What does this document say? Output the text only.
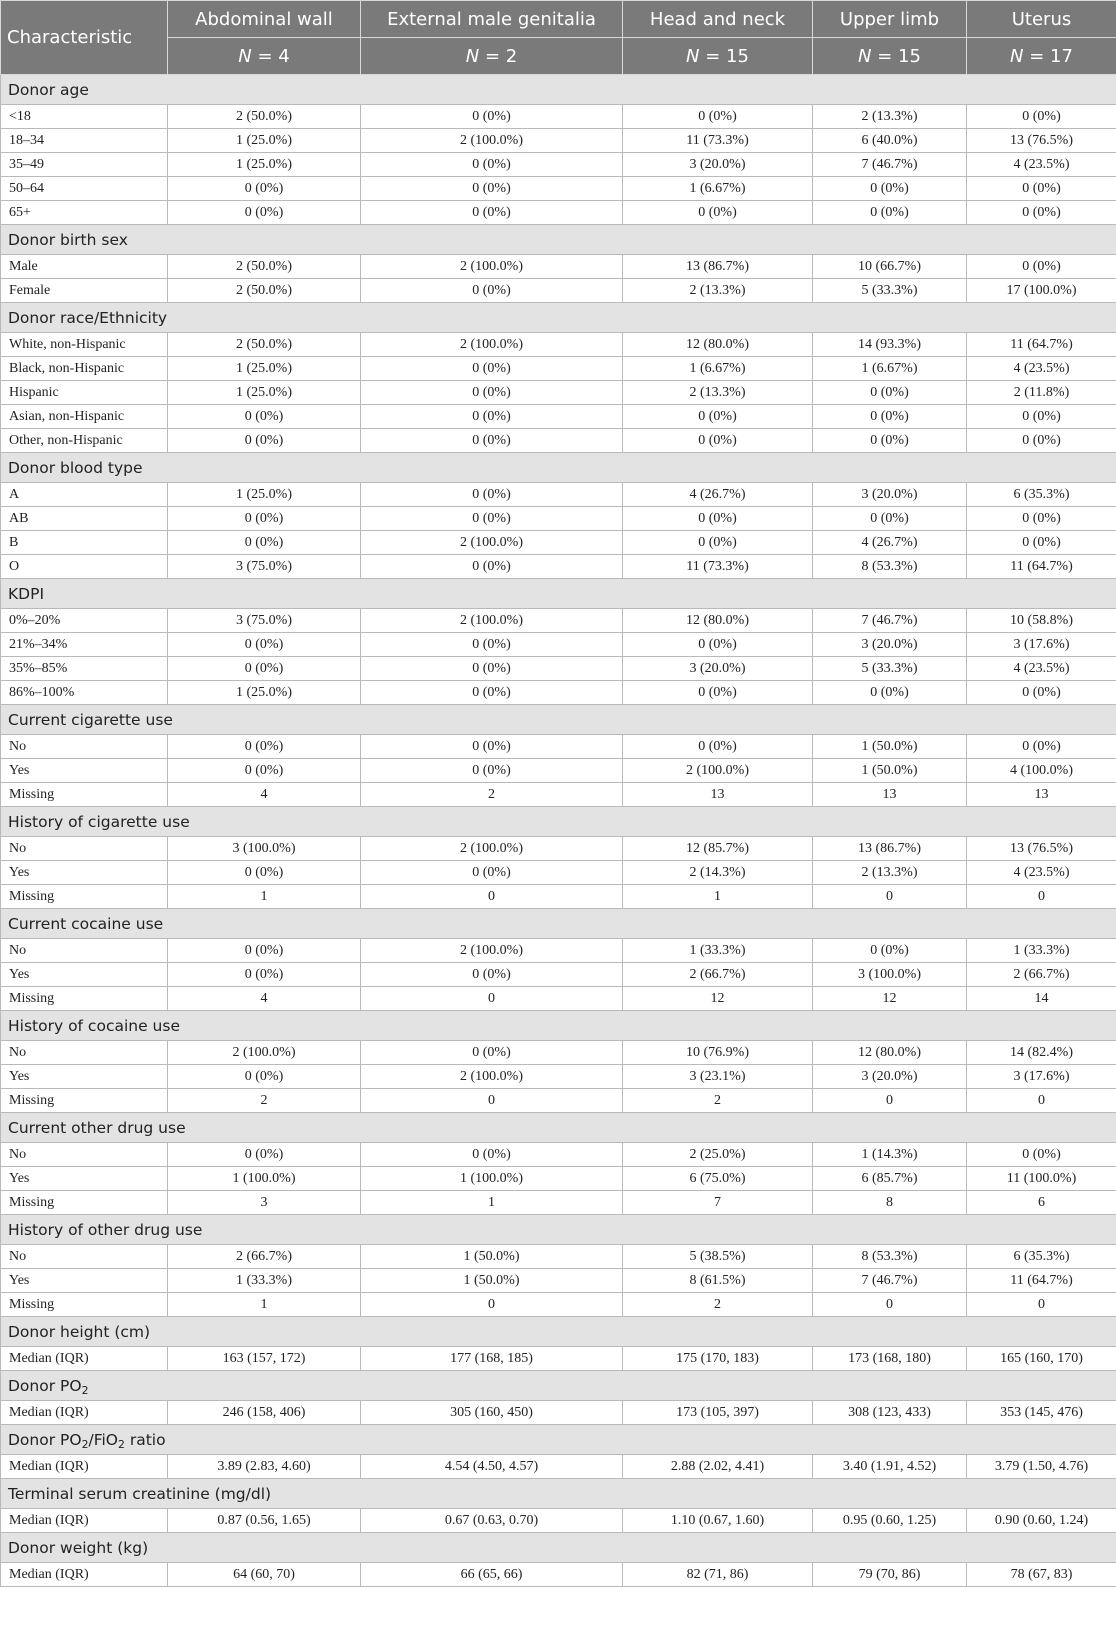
Characteristic	Abdominal wall	External male genitalia	Head and neck	Upper limb	Uterus
	N = 4	N = 2	N = 15	N = 15	N = 17
Donor age					
<18	2 (50.0%)	0 (0%)	0 (0%)	2 (13.3%)	0 (0%)
18–34	1 (25.0%)	2 (100.0%)	11 (73.3%)	6 (40.0%)	13 (76.5%)
35–49	1 (25.0%)	0 (0%)	3 (20.0%)	7 (46.7%)	4 (23.5%)
50–64	0 (0%)	0 (0%)	1 (6.67%)	0 (0%)	0 (0%)
65+	0 (0%)	0 (0%)	0 (0%)	0 (0%)	0 (0%)
Donor birth sex					
Male	2 (50.0%)	2 (100.0%)	13 (86.7%)	10 (66.7%)	0 (0%)
Female	2 (50.0%)	0 (0%)	2 (13.3%)	5 (33.3%)	17 (100.0%)
Donor race/Ethnicity					
White, non-Hispanic	2 (50.0%)	2 (100.0%)	12 (80.0%)	14 (93.3%)	11 (64.7%)
Black, non-Hispanic	1 (25.0%)	0 (0%)	1 (6.67%)	1 (6.67%)	4 (23.5%)
Hispanic	1 (25.0%)	0 (0%)	2 (13.3%)	0 (0%)	2 (11.8%)
Asian, non-Hispanic	0 (0%)	0 (0%)	0 (0%)	0 (0%)	0 (0%)
Other, non-Hispanic	0 (0%)	0 (0%)	0 (0%)	0 (0%)	0 (0%)
Donor blood type					
A	1 (25.0%)	0 (0%)	4 (26.7%)	3 (20.0%)	6 (35.3%)
AB	0 (0%)	0 (0%)	0 (0%)	0 (0%)	0 (0%)
B	0 (0%)	2 (100.0%)	0 (0%)	4 (26.7%)	0 (0%)
O	3 (75.0%)	0 (0%)	11 (73.3%)	8 (53.3%)	11 (64.7%)
KDPI					
0%–20%	3 (75.0%)	2 (100.0%)	12 (80.0%)	7 (46.7%)	10 (58.8%)
21%–34%	0 (0%)	0 (0%)	0 (0%)	3 (20.0%)	3 (17.6%)
35%–85%	0 (0%)	0 (0%)	3 (20.0%)	5 (33.3%)	4 (23.5%)
86%–100%	1 (25.0%)	0 (0%)	0 (0%)	0 (0%)	0 (0%)
Current cigarette use					
No	0 (0%)	0 (0%)	0 (0%)	1 (50.0%)	0 (0%)
Yes	0 (0%)	0 (0%)	2 (100.0%)	1 (50.0%)	4 (100.0%)
Missing	4	2	13	13	13
History of cigarette use					
No	3 (100.0%)	2 (100.0%)	12 (85.7%)	13 (86.7%)	13 (76.5%)
Yes	0 (0%)	0 (0%)	2 (14.3%)	2 (13.3%)	4 (23.5%)
Missing	1	0	1	0	0
Current cocaine use					
No	0 (0%)	2 (100.0%)	1 (33.3%)	0 (0%)	1 (33.3%)
Yes	0 (0%)	0 (0%)	2 (66.7%)	3 (100.0%)	2 (66.7%)
Missing	4	0	12	12	14
History of cocaine use					
No	2 (100.0%)	0 (0%)	10 (76.9%)	12 (80.0%)	14 (82.4%)
Yes	0 (0%)	2 (100.0%)	3 (23.1%)	3 (20.0%)	3 (17.6%)
Missing	2	0	2	0	0
Current other drug use					
No	0 (0%)	0 (0%)	2 (25.0%)	1 (14.3%)	0 (0%)
Yes	1 (100.0%)	1 (100.0%)	6 (75.0%)	6 (85.7%)	11 (100.0%)
Missing	3	1	7	8	6
History of other drug use					
No	2 (66.7%)	1 (50.0%)	5 (38.5%)	8 (53.3%)	6 (35.3%)
Yes	1 (33.3%)	1 (50.0%)	8 (61.5%)	7 (46.7%)	11 (64.7%)
Missing	1	0	2	0	0
Donor height (cm)					
Median (IQR)	163 (157, 172)	177 (168, 185)	175 (170, 183)	173 (168, 180)	165 (160, 170)
Donor $PO_2$
Median (IQR)	246 (158, 406)	305 (160, 450)	173 (105, 397)	308 (123, 433)	353 (145, 476)
Donor $PO_2/FiO_2$ ratio					
Median (IQR)	3.89 (2.83, 4.60)	4.54 (4.50, 4.57)	2.88 (2.02, 4.41)	3.40 (1.91, 4.52)	3.79 (1.50, 4.76)
Terminal serum creatinine (mg/dl)					
Median (IQR)	0.87 (0.56, 1.65)	0.67 (0.63, 0.70)	1.10 (0.67, 1.60)	0.95 (0.60, 1.25)	0.90 (0.60, 1.24)
Donor weight (kg)					
Median (IQR)	64 (60, 70)	66 (65, 66)	82 (71, 86)	79 (70, 86)	78 (67, 83)
